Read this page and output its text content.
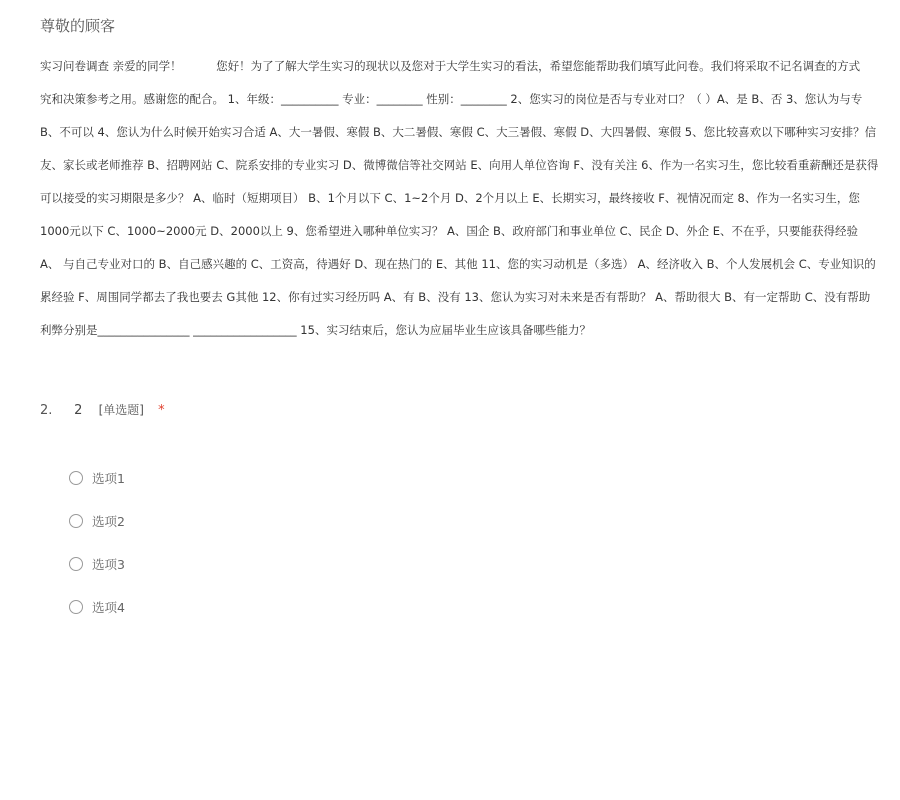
尊敬的顾客
实习问卷调查 亲爱的同学！　　　您好！为了了解大学生实习的现状以及您对于大学生实习的看法，希望您能帮助我们填写此问卷。我们将采取不记名调查的方式
究和决策参考之用。感谢您的配合。 1、年级：__________ 专业：________ 性别：________ 2、您实习的岗位是否与专业对口？（ ）A、是 B、否 3、您认为与专
B、不可以 4、您认为什么时候开始实习合适 A、大一暑假、寒假 B、大二暑假、寒假 C、大三暑假、寒假 D、大四暑假、寒假 5、您比较喜欢以下哪种实习安排？信
友、家长或老师推荐 B、招聘网站 C、院系安排的专业实习 D、微博微信等社交网站 E、向用人单位咨询 F、没有关注 6、作为一名实习生，您比较看重薪酬还是获得
可以接受的实习期限是多少？ A、临时（短期项目） B、1个月以下 C、1~2个月 D、2个月以上 E、长期实习，最终接收 F、视情况而定 8、作为一名实习生，您
1000元以下 C、1000~2000元 D、2000以上 9、您希望进入哪种单位实习？ A、国企 B、政府部门和事业单位 C、民企 D、外企 E、不在乎，只要能获得经验
A、 与自己专业对口的 B、自己感兴趣的 C、工资高，待遇好 D、现在热门的 E、其他 11、您的实习动机是（多选） A、经济收入 B、个人发展机会 C、专业知识的
累经验 F、周围同学都去了我也要去 G其他 12、你有过实习经历吗 A、有 B、没有 13、您认为实习对未来是否有帮助？ A、帮助很大 B、有一定帮助 C、没有帮助
利弊分别是________________ __________________ 15、实习结束后，您认为应届毕业生应该具备哪些能力？
2. 2 [单选题] *
选项1
选项2
选项3
选项4
